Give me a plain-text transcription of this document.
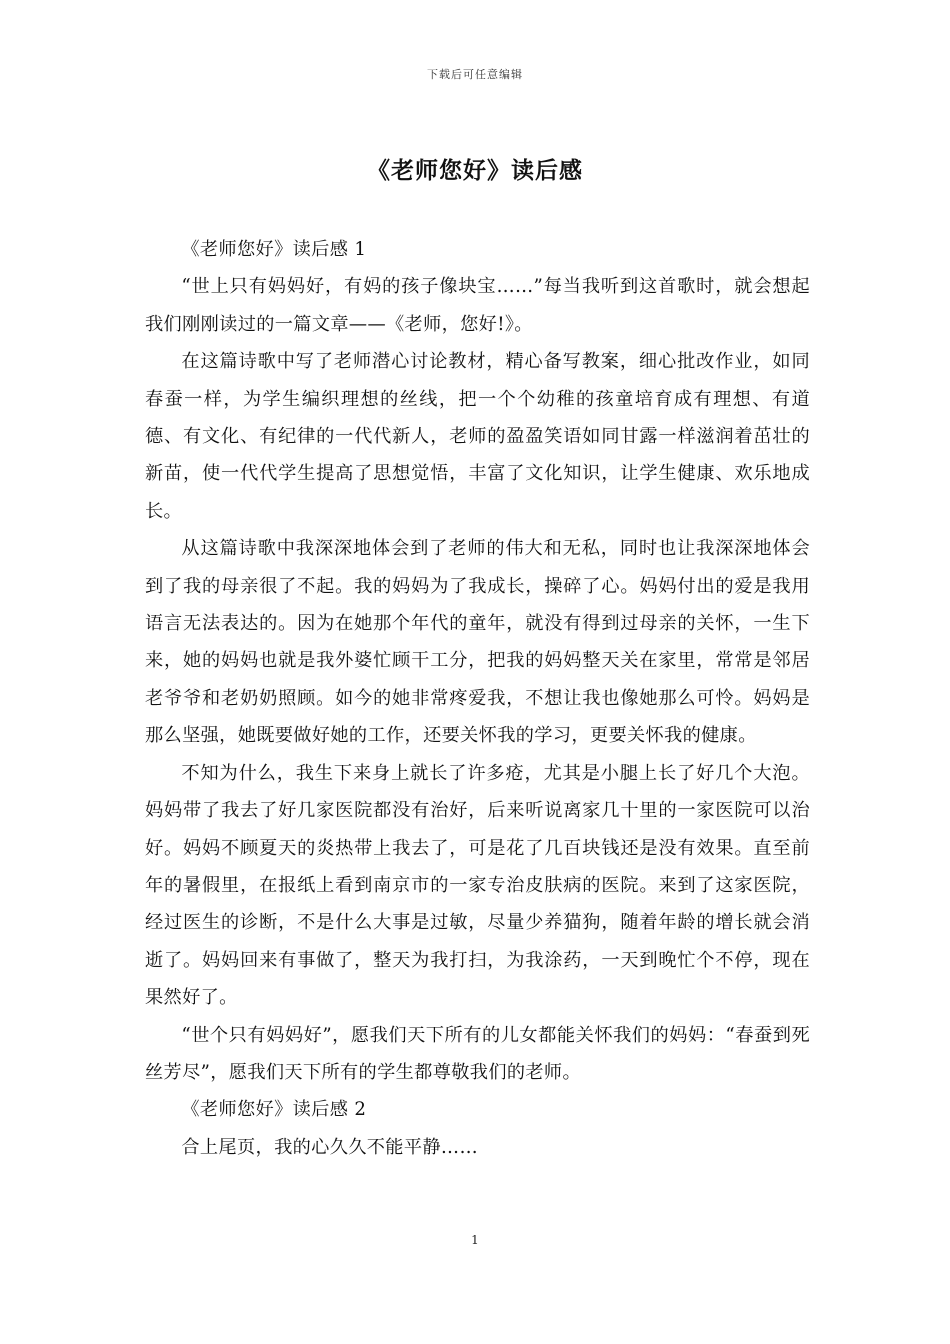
下载后可任意编辑
《老师您好》读后感

《老师您好》读后感 1

“世上只有妈妈好，有妈的孩子像块宝……”每当我听到这首歌时，就会想起我们刚刚读过的一篇文章——《老师，您好!》。

在这篇诗歌中写了老师潜心讨论教材，精心备写教案，细心批改作业，如同春蚕一样，为学生编织理想的丝线，把一个个幼稚的孩童培育成有理想、有道德、有文化、有纪律的一代代新人，老师的盈盈笑语如同甘露一样滋润着茁壮的新苗，使一代代学生提高了思想觉悟，丰富了文化知识，让学生健康、欢乐地成长。

从这篇诗歌中我深深地体会到了老师的伟大和无私，同时也让我深深地体会到了我的母亲很了不起。我的妈妈为了我成长，操碎了心。妈妈付出的爱是我用语言无法表达的。因为在她那个年代的童年，就没有得到过母亲的关怀，一生下来，她的妈妈也就是我外婆忙顾干工分，把我的妈妈整天关在家里，常常是邻居老爷爷和老奶奶照顾。如今的她非常疼爱我，不想让我也像她那么可怜。妈妈是那么坚强，她既要做好她的工作，还要关怀我的学习，更要关怀我的健康。

不知为什么，我生下来身上就长了许多疮，尤其是小腿上长了好几个大泡。妈妈带了我去了好几家医院都没有治好，后来听说离家几十里的一家医院可以治好。妈妈不顾夏天的炎热带上我去了，可是花了几百块钱还是没有效果。直至前年的暑假里，在报纸上看到南京市的一家专治皮肤病的医院。来到了这家医院，经过医生的诊断，不是什么大事是过敏，尽量少养猫狗，随着年龄的增长就会消逝了。妈妈回来有事做了，整天为我打扫，为我涂药，一天到晚忙个不停，现在果然好了。

“世个只有妈妈好”，愿我们天下所有的儿女都能关怀我们的妈妈：“春蚕到死丝芳尽”，愿我们天下所有的学生都尊敬我们的老师。

《老师您好》读后感 2

合上尾页，我的心久久不能平静……

1
